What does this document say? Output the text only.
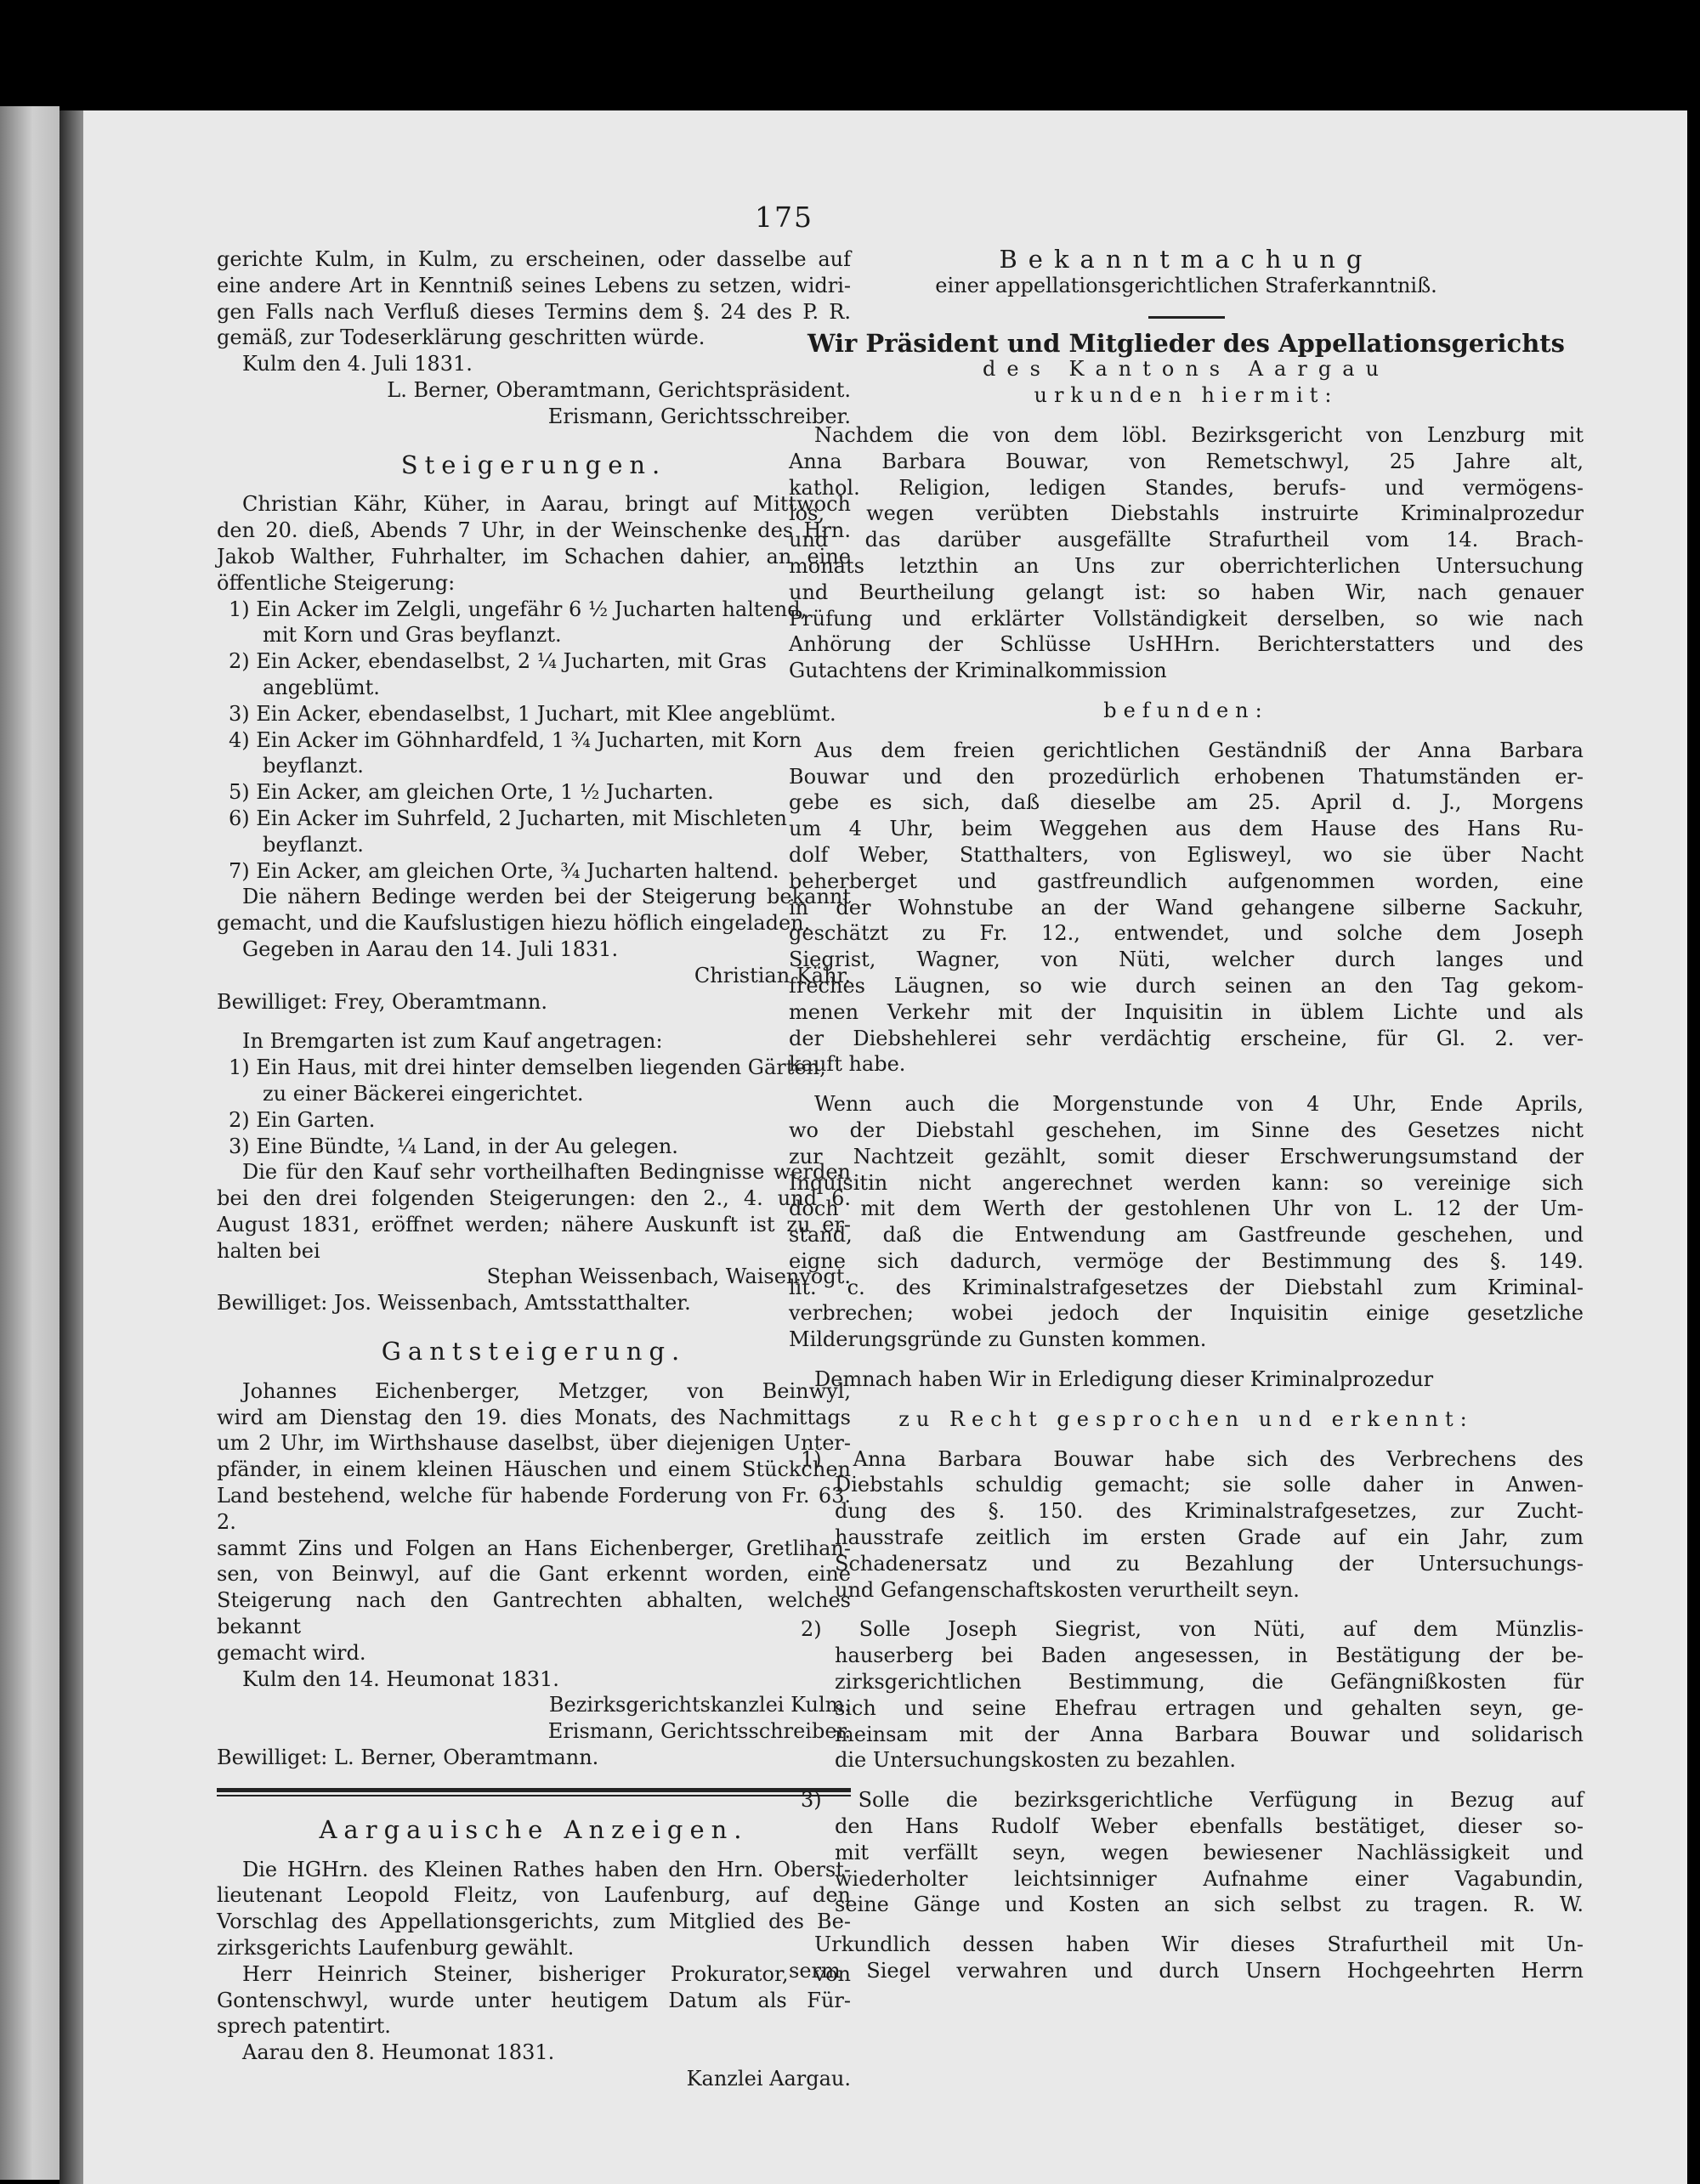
175

gerichte Kulm, in Kulm, zu erscheinen, oder dasselbe auf

eine andere Art in Kenntniß seines Lebens zu setzen, widri-

gen Falls nach Verfluß dieses Termins dem §. 24 des P. R.

gemäß, zur Todeserklärung geschritten würde.

Kulm den 4. Juli 1831.

L. Berner, Oberamtmann, Gerichtspräsident.

Erismann, Gerichtsschreiber.

Steigerungen.

Christian Kähr, Küher, in Aarau, bringt auf Mittwoch

den 20. dieß, Abends 7 Uhr, in der Weinschenke des Hrn.

Jakob Walther, Fuhrhalter, im Schachen dahier, an eine

öffentliche Steigerung:

1) Ein Acker im Zelgli, ungefähr 6 ½ Jucharten haltend,
mit Korn und Gras beyflanzt.

2) Ein Acker, ebendaselbst, 2 ¼ Jucharten, mit Gras
angeblümt.

3) Ein Acker, ebendaselbst, 1 Juchart, mit Klee angeblümt.

4) Ein Acker im Göhnhardfeld, 1 ¾ Jucharten, mit Korn
beyflanzt.

5) Ein Acker, am gleichen Orte, 1 ½ Jucharten.

6) Ein Acker im Suhrfeld, 2 Jucharten, mit Mischleten
beyflanzt.

7) Ein Acker, am gleichen Orte, ¾ Jucharten haltend.

Die nähern Bedinge werden bei der Steigerung bekannt

gemacht, und die Kaufslustigen hiezu höflich eingeladen.

Gegeben in Aarau den 14. Juli 1831.

Christian Kähr.

Bewilliget: Frey, Oberamtmann.

In Bremgarten ist zum Kauf angetragen:

1) Ein Haus, mit drei hinter demselben liegenden Gärten,
zu einer Bäckerei eingerichtet.

2) Ein Garten.

3) Eine Bündte, ¼ Land, in der Au gelegen.

Die für den Kauf sehr vortheilhaften Bedingnisse werden

bei den drei folgenden Steigerungen: den 2., 4. und 6.

August 1831, eröffnet werden; nähere Auskunft ist zu er-

halten bei

Stephan Weissenbach, Waisenvogt.

Bewilliget: Jos. Weissenbach, Amtsstatthalter.

Gantsteigerung.

Johannes Eichenberger, Metzger, von Beinwyl,

wird am Dienstag den 19. dies Monats, des Nachmittags

um 2 Uhr, im Wirthshause daselbst, über diejenigen Unter-

pfänder, in einem kleinen Häuschen und einem Stückchen

Land bestehend, welche für habende Forderung von Fr. 63. 2.

sammt Zins und Folgen an Hans Eichenberger, Gretlihan-

sen, von Beinwyl, auf die Gant erkennt worden, eine

Steigerung nach den Gantrechten abhalten, welches bekannt

gemacht wird.

Kulm den 14. Heumonat 1831.

Bezirksgerichtskanzlei Kulm.

Erismann, Gerichtsschreiber.

Bewilliget: L. Berner, Oberamtmann.

Aargauische Anzeigen.

Die HGHrn. des Kleinen Rathes haben den Hrn. Oberst-

lieutenant Leopold Fleitz, von Laufenburg, auf den

Vorschlag des Appellationsgerichts, zum Mitglied des Be-

zirksgerichts Laufenburg gewählt.

Herr Heinrich Steiner, bisheriger Prokurator, von

Gontenschwyl, wurde unter heutigem Datum als Für-

sprech patentirt.

Aarau den 8. Heumonat 1831.

Kanzlei Aargau.

Bekanntmachung

einer appellationsgerichtlichen Straferkanntniß.

Wir Präsident und Mitglieder des Appellationsgerichts

des Kantons Aargau

urkunden hiermit:

Nachdem die von dem löbl. Bezirksgericht von Lenzburg mit

Anna Barbara Bouwar, von Remetschwyl, 25 Jahre alt,

kathol. Religion, ledigen Standes, berufs- und vermögens-

los, wegen verübten Diebstahls instruirte Kriminalprozedur

und das darüber ausgefällte Strafurtheil vom 14. Brach-

monats letzthin an Uns zur oberrichterlichen Untersuchung

und Beurtheilung gelangt ist: so haben Wir, nach genauer

Prüfung und erklärter Vollständigkeit derselben, so wie nach

Anhörung der Schlüsse UsHHrn. Berichterstatters und des

Gutachtens der Kriminalkommission

befunden:

Aus dem freien gerichtlichen Geständniß der Anna Barbara

Bouwar und den prozedürlich erhobenen Thatumständen er-

gebe es sich, daß dieselbe am 25. April d. J., Morgens

um 4 Uhr, beim Weggehen aus dem Hause des Hans Ru-

dolf Weber, Statthalters, von Eglisweyl, wo sie über Nacht

beherberget und gastfreundlich aufgenommen worden, eine

in der Wohnstube an der Wand gehangene silberne Sackuhr,

geschätzt zu Fr. 12., entwendet, und solche dem Joseph

Siegrist, Wagner, von Nüti, welcher durch langes und

freches Läugnen, so wie durch seinen an den Tag gekom-

menen Verkehr mit der Inquisitin in üblem Lichte und als

der Diebshehlerei sehr verdächtig erscheine, für Gl. 2. ver-

kauft habe.

Wenn auch die Morgenstunde von 4 Uhr, Ende Aprils,

wo der Diebstahl geschehen, im Sinne des Gesetzes nicht

zur Nachtzeit gezählt, somit dieser Erschwerungsumstand der

Inquisitin nicht angerechnet werden kann: so vereinige sich

doch mit dem Werth der gestohlenen Uhr von L. 12 der Um-

stand, daß die Entwendung am Gastfreunde geschehen, und

eigne sich dadurch, vermöge der Bestimmung des §. 149.

lit. c. des Kriminalstrafgesetzes der Diebstahl zum Kriminal-

verbrechen; wobei jedoch der Inquisitin einige gesetzliche

Milderungsgründe zu Gunsten kommen.

Demnach haben Wir in Erledigung dieser Kriminalprozedur

zu Recht gesprochen und erkennt:

1) Anna Barbara Bouwar habe sich des Verbrechens des

Diebstahls schuldig gemacht; sie solle daher in Anwen-

dung des §. 150. des Kriminalstrafgesetzes, zur Zucht-

hausstrafe zeitlich im ersten Grade auf ein Jahr, zum

Schadenersatz und zu Bezahlung der Untersuchungs-

und Gefangenschaftskosten verurtheilt seyn.

2) Solle Joseph Siegrist, von Nüti, auf dem Münzlis-

hauserberg bei Baden angesessen, in Bestätigung der be-

zirksgerichtlichen Bestimmung, die Gefängnißkosten für

sich und seine Ehefrau ertragen und gehalten seyn, ge-

meinsam mit der Anna Barbara Bouwar und solidarisch

die Untersuchungskosten zu bezahlen.

3) Solle die bezirksgerichtliche Verfügung in Bezug auf

den Hans Rudolf Weber ebenfalls bestätiget, dieser so-

mit verfällt seyn, wegen bewiesener Nachlässigkeit und

wiederholter leichtsinniger Aufnahme einer Vagabundin,

seine Gänge und Kosten an sich selbst zu tragen. R. W.

Urkundlich dessen haben Wir dieses Strafurtheil mit Un-

serm Siegel verwahren und durch Unsern Hochgeehrten Herrn
